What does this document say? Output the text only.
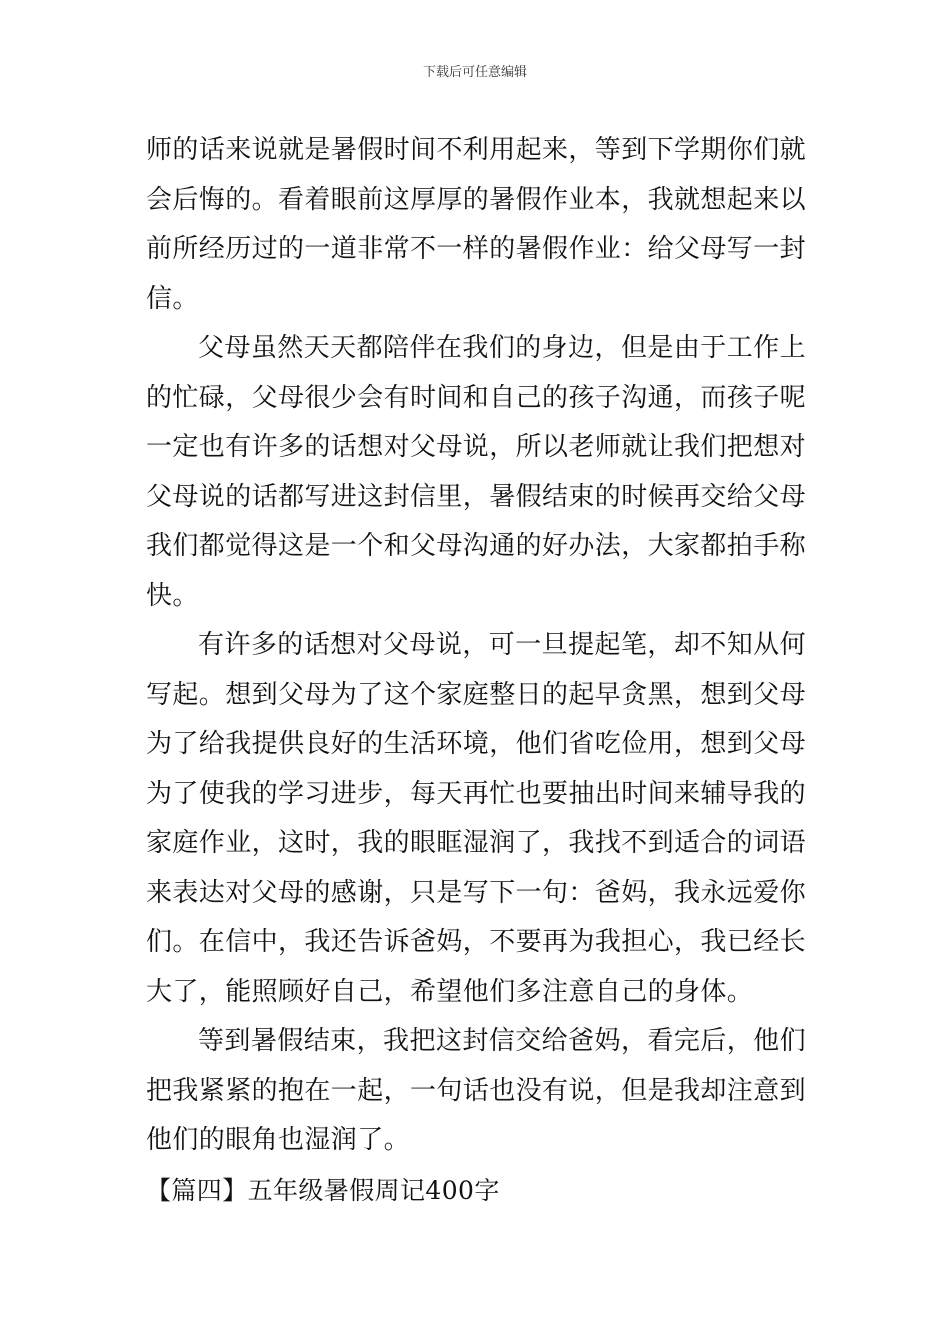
下载后可任意编辑

师的话来说就是暑假时间不利用起来，等到下学期你们就会后悔的。看着眼前这厚厚的暑假作业本，我就想起来以前所经历过的一道非常不一样的暑假作业：给父母写一封信。

父母虽然天天都陪伴在我们的身边，但是由于工作上的忙碌，父母很少会有时间和自己的孩子沟通，而孩子呢一定也有许多的话想对父母说，所以老师就让我们把想对父母说的话都写进这封信里，暑假结束的时候再交给父母我们都觉得这是一个和父母沟通的好办法，大家都拍手称快。

有许多的话想对父母说，可一旦提起笔，却不知从何写起。想到父母为了这个家庭整日的起早贪黑，想到父母为了给我提供良好的生活环境，他们省吃俭用，想到父母为了使我的学习进步，每天再忙也要抽出时间来辅导我的家庭作业，这时，我的眼眶湿润了，我找不到适合的词语来表达对父母的感谢，只是写下一句：爸妈，我永远爱你们。在信中，我还告诉爸妈，不要再为我担心，我已经长大了，能照顾好自己，希望他们多注意自己的身体。

等到暑假结束，我把这封信交给爸妈，看完后，他们把我紧紧的抱在一起，一句话也没有说，但是我却注意到他们的眼角也湿润了。

【篇四】五年级暑假周记400字
